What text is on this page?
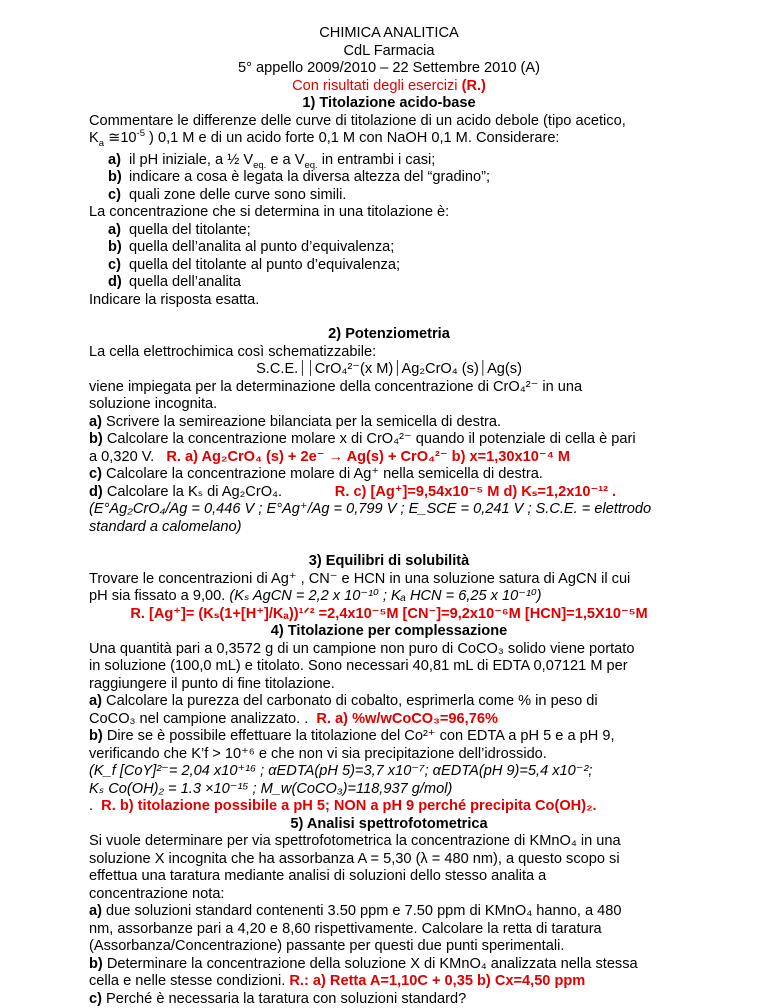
CHIMICA ANALITICA
CdL Farmacia
5° appello 2009/2010 – 22 Settembre 2010 (A)
Con risultati degli esercizi (R.)
1) Titolazione acido-base
Commentare le differenze delle curve di titolazione di un acido debole (tipo acetico,
$K_a$ $≅10^{-5}$ ) 0,1 M e di un acido forte 0,1 M con NaOH 0,1 M. Considerare:
a) il pH iniziale, a ½ $V_{eq.}$ e a $V_{eq.}$ in entrambi i casi;
b) indicare a cosa è legata la diversa altezza del “gradino”;
c) quali zone delle curve sono simili.
La concentrazione che si determina in una titolazione è:
a) quella del titolante;
b) quella dell’analita al punto d’equivalenza;
c) quella del titolante al punto d’equivalenza;
d) quella dell’analita
Indicare la risposta esatta.
2) Potenziometria
La cella elettrochimica così schematizzabile:
S.C.E.⏐⏐CrO₄²⁻(x M)⏐Ag₂CrO₄ (s)⏐Ag(s)
viene impiegata per la determinazione della concentrazione di CrO₄²⁻ in una
soluzione incognita.
a) Scrivere la semireazione bilanciata per la semicella di destra.
b) Calcolare la concentrazione molare x di CrO₄²⁻ quando il potenziale di cella è pari
a 0,320 V. R. a) Ag₂CrO₄ (s) + 2e⁻ → Ag(s) + CrO₄²⁻ b) x=1,30x10⁻⁴ M
c) Calcolare la concentrazione molare di Ag⁺ nella semicella di destra.
d) Calcolare la Kₛ di Ag₂CrO₄.	R. c) [Ag⁺]=9,54x10⁻⁵ M d) Kₛ=1,2x10⁻¹² .
(E°Ag₂CrO₄/Ag = 0,446 V ; E°Ag⁺/Ag = 0,799 V ; E_SCE = 0,241 V ; S.C.E. = elettrodo
standard a calomelano)
3) Equilibri di solubilità
Trovare le concentrazioni di Ag⁺ , CN⁻ e HCN in una soluzione satura di AgCN il cui
pH sia fissato a 9,00. (Kₛ AgCN = 2,2 x 10⁻¹⁰ ; Kₐ HCN = 6,25 x 10⁻¹⁰)
R. [Ag⁺]= (Kₛ(1+[H⁺]/Kₐ))¹ᐟ² =2,4x10⁻⁵M [CN⁻]=9,2x10⁻⁶M [HCN]=1,5X10⁻⁵M
4) Titolazione per complessazione
Una quantità pari a 0,3572 g di un campione non puro di CoCO₃ solido viene portato
in soluzione (100,0 mL) e titolato. Sono necessari 40,81 mL di EDTA 0,07121 M per
raggiungere il punto di fine titolazione.
a) Calcolare la purezza del carbonato di cobalto, esprimerla come % in peso di
CoCO₃ nel campione analizzato. . R. a) %w/wCoCO₃=96,76%
b) Dire se è possibile effettuare la titolazione del Co²⁺ con EDTA a pH 5 e a pH 9,
verificando che K’f > 10⁺⁶ e che non vi sia precipitazione dell’idrossido.
(K_f [CoY]²⁻= 2,04 x10⁺¹⁶ ; αEDTA(pH 5)=3,7 x10⁻⁷; αEDTA(pH 9)=5,4 x10⁻²;
Kₛ Co(OH)₂ = 1.3 ×10⁻¹⁵ ; M_w(CoCO₃)=118,937 g/mol)
. R. b) titolazione possibile a pH 5; NON a pH 9 perché precipita Co(OH)₂.
5) Analisi spettrofotometrica
Si vuole determinare per via spettrofotometrica la concentrazione di KMnO₄ in una
soluzione X incognita che ha assorbanza A = 5,30 (λ = 480 nm), a questo scopo si
effettua una taratura mediante analisi di soluzioni dello stesso analita a
concentrazione nota:
a) due soluzioni standard contenenti 3.50 ppm e 7.50 ppm di KMnO₄ hanno, a 480
nm, assorbanze pari a 4,20 e 8,60 rispettivamente. Calcolare la retta di taratura
(Assorbanza/Concentrazione) passante per questi due punti sperimentali.
b) Determinare la concentrazione della soluzione X di KMnO₄ analizzata nella stessa
cella e nelle stesse condizioni. R.: a) Retta A=1,10C + 0,35 b) Cx=4,50 ppm
c) Perché è necessaria la taratura con soluzioni standard?
